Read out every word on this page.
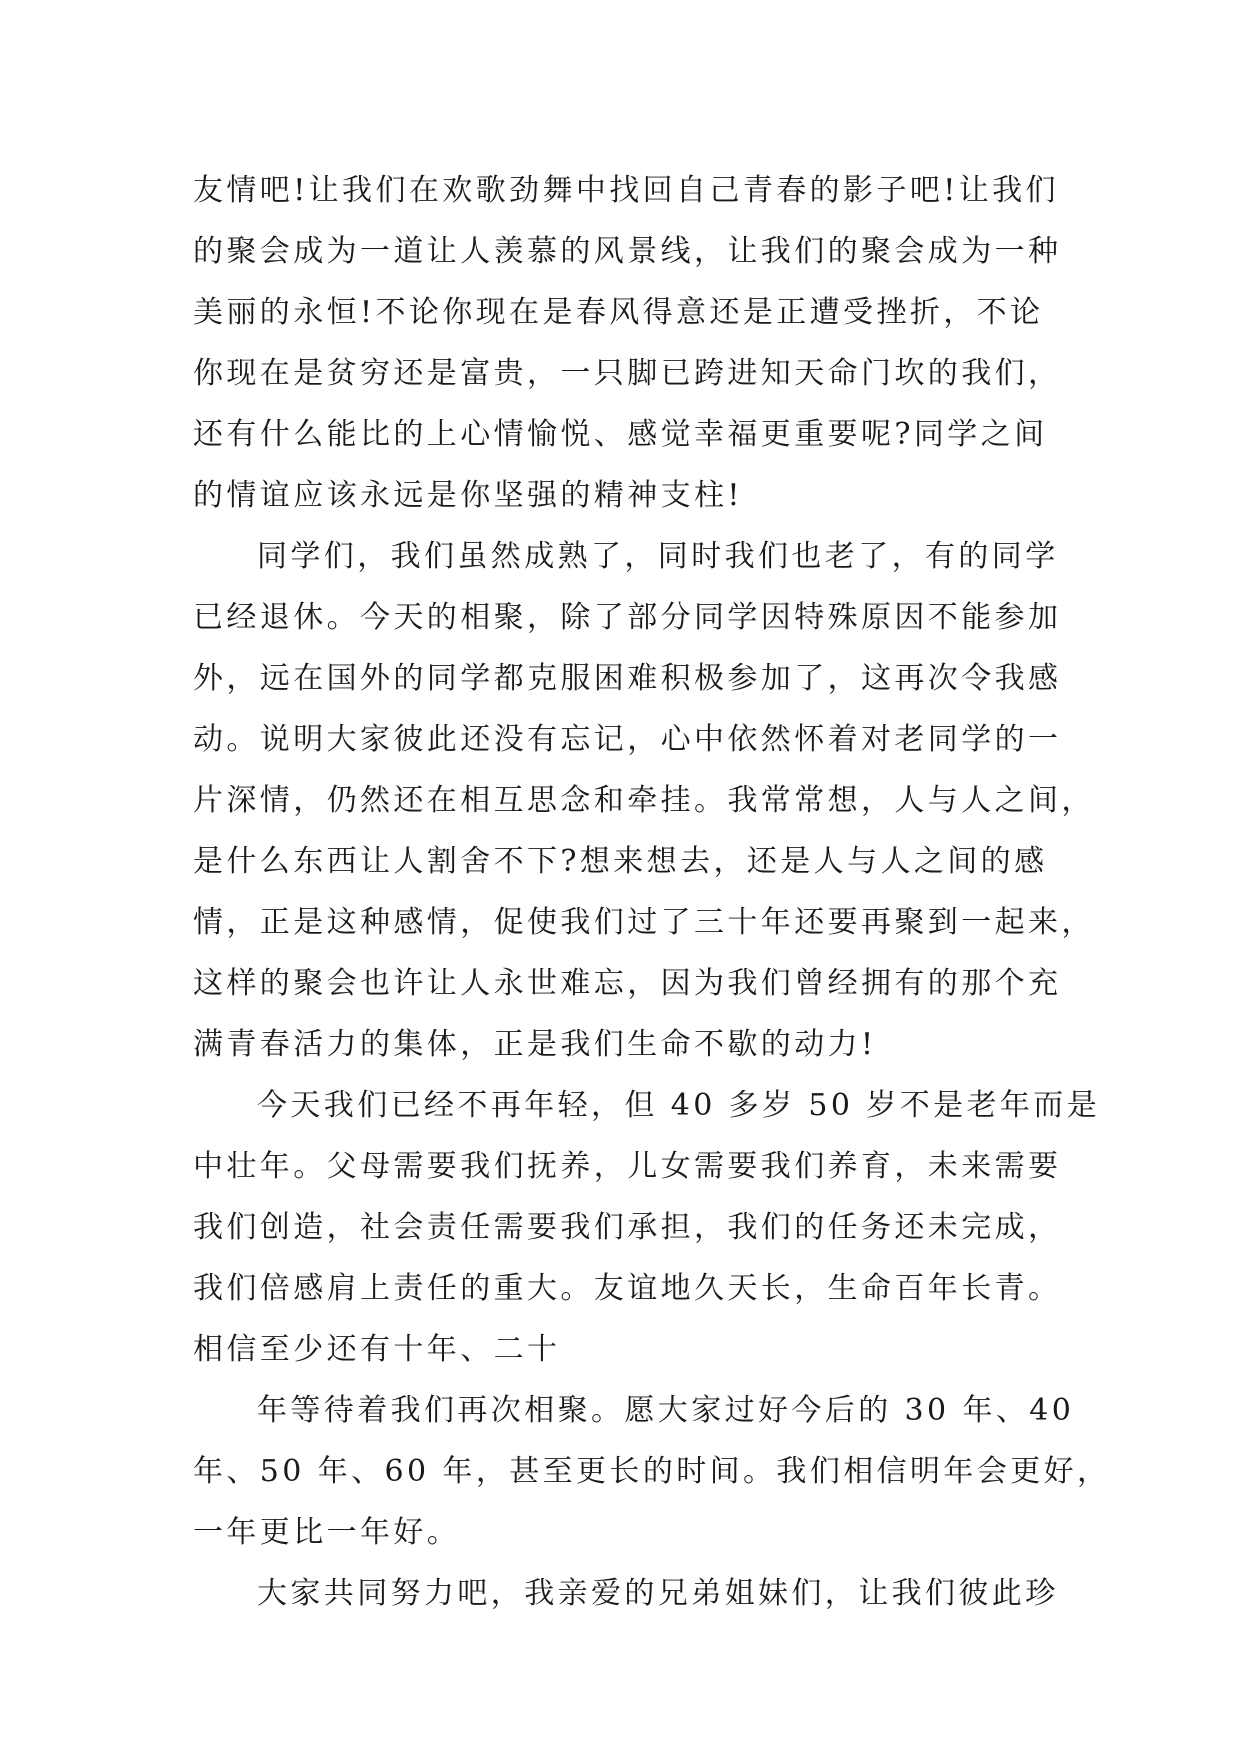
友情吧!让我们在欢歌劲舞中找回自己青春的影子吧!让我们
的聚会成为一道让人羡慕的风景线，让我们的聚会成为一种
美丽的永恒!不论你现在是春风得意还是正遭受挫折，不论
你现在是贫穷还是富贵，一只脚已跨进知天命门坎的我们，
还有什么能比的上心情愉悦、感觉幸福更重要呢?同学之间
的情谊应该永远是你坚强的精神支柱!
同学们，我们虽然成熟了，同时我们也老了，有的同学
已经退休。今天的相聚，除了部分同学因特殊原因不能参加
外，远在国外的同学都克服困难积极参加了，这再次令我感
动。说明大家彼此还没有忘记，心中依然怀着对老同学的一
片深情，仍然还在相互思念和牵挂。我常常想，人与人之间，
是什么东西让人割舍不下?想来想去，还是人与人之间的感
情，正是这种感情，促使我们过了三十年还要再聚到一起来，
这样的聚会也许让人永世难忘，因为我们曾经拥有的那个充
满青春活力的集体，正是我们生命不歇的动力!
今天我们已经不再年轻，但 40 多岁 50 岁不是老年而是
中壮年。父母需要我们抚养，儿女需要我们养育，未来需要
我们创造，社会责任需要我们承担，我们的任务还未完成，
我们倍感肩上责任的重大。友谊地久天长，生命百年长青。
相信至少还有十年、二十
年等待着我们再次相聚。愿大家过好今后的 30 年、40
年、50 年、60 年，甚至更长的时间。我们相信明年会更好，
一年更比一年好。
大家共同努力吧，我亲爱的兄弟姐妹们，让我们彼此珍
